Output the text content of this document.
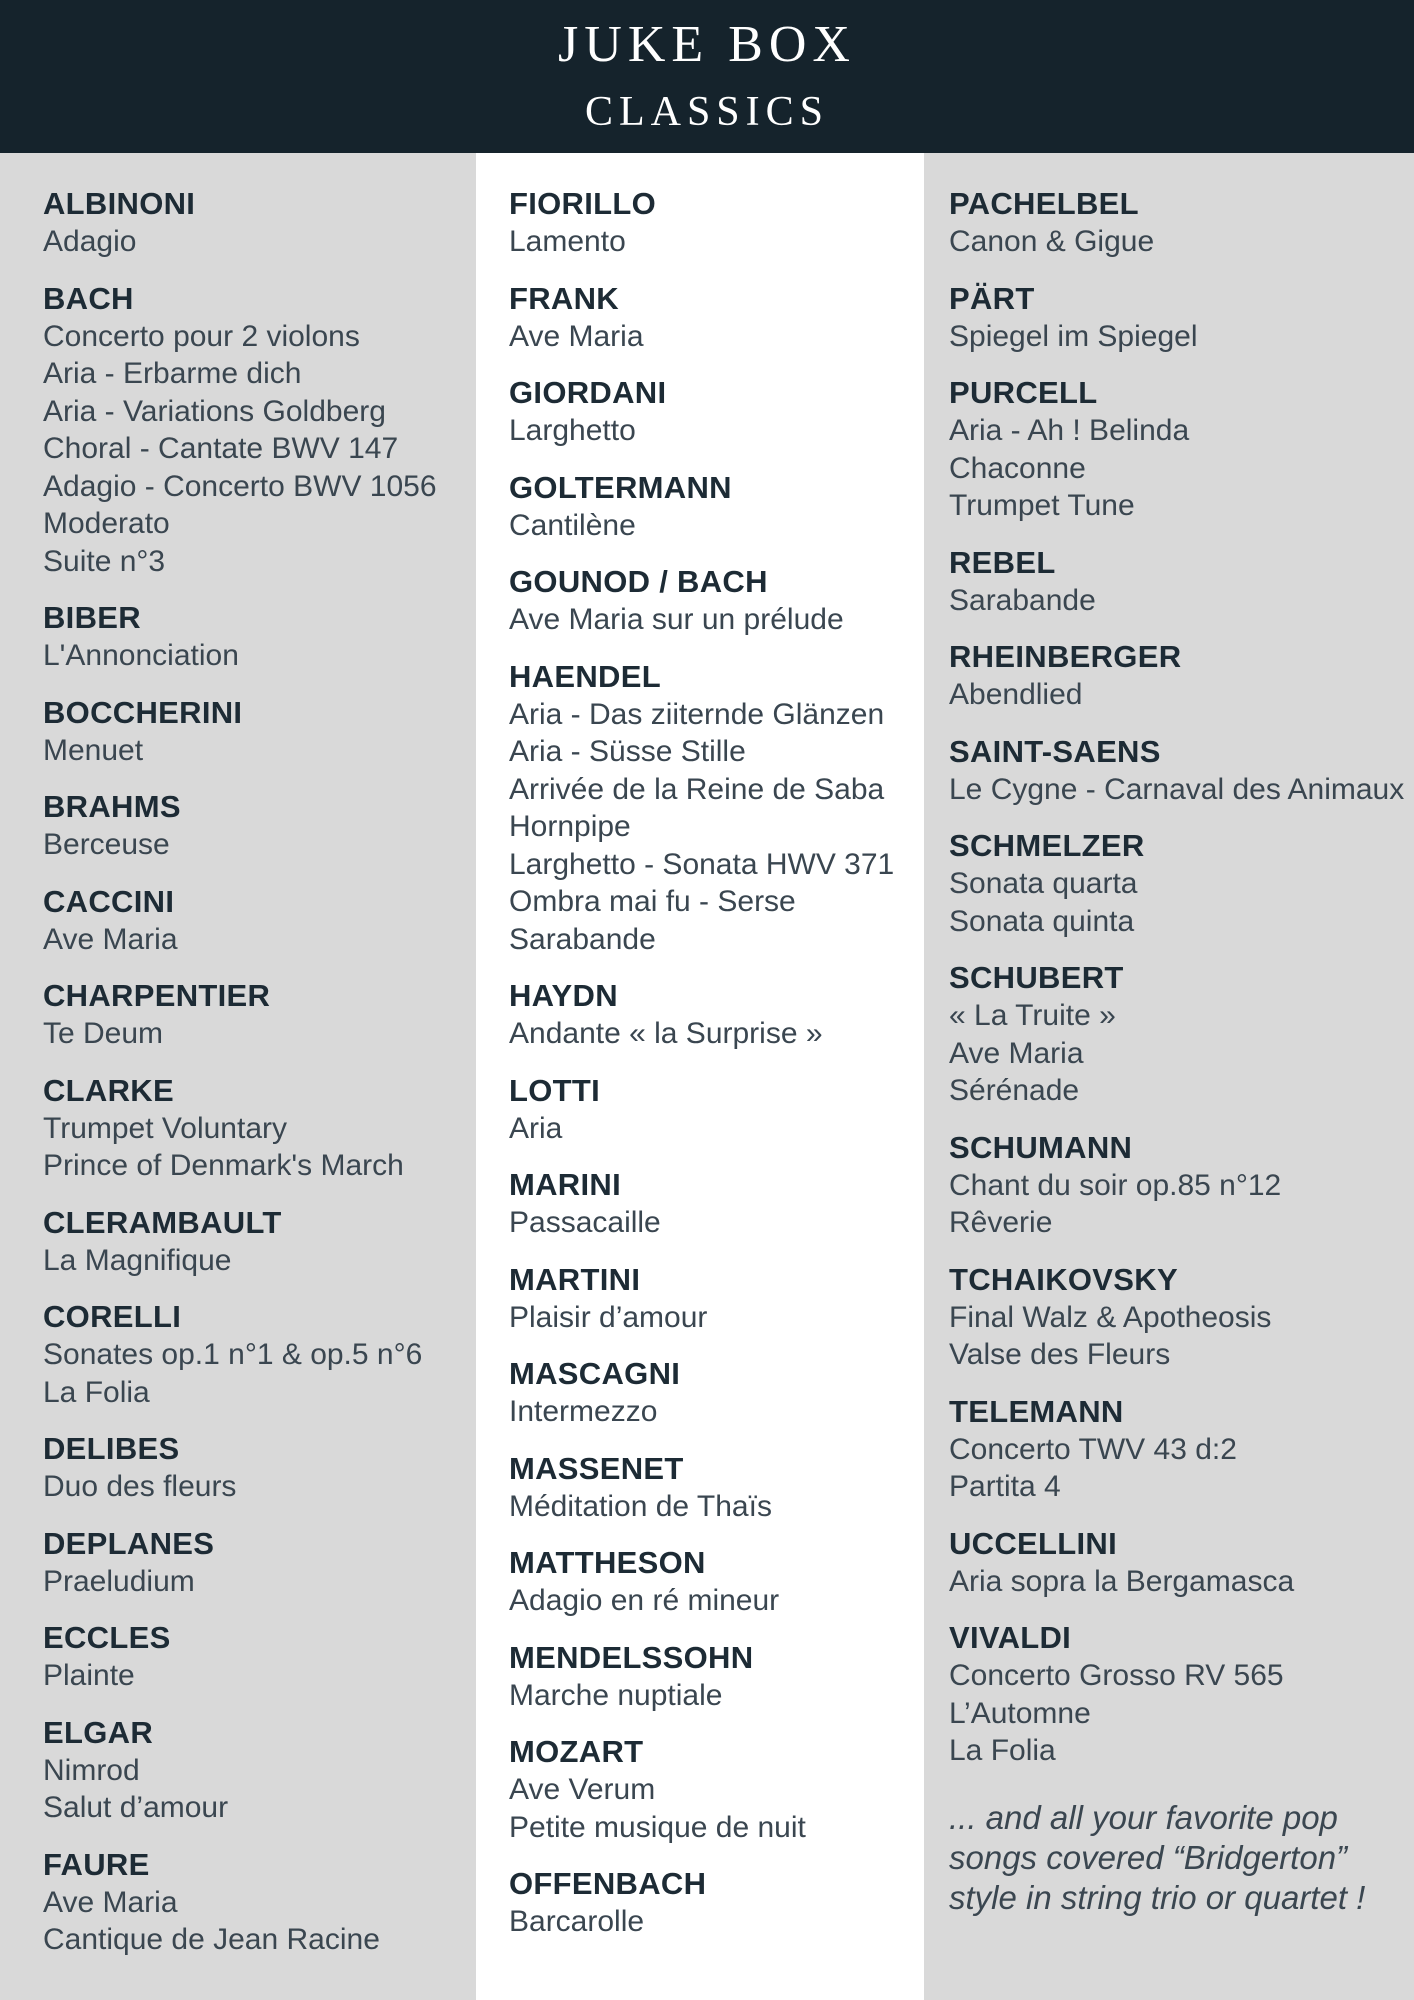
JUKE BOX
CLASSICS
ALBINONI
Adagio
BACH
Concerto pour 2 violons
Aria - Erbarme dich
Aria - Variations Goldberg
Choral - Cantate BWV 147
Adagio - Concerto BWV 1056
Moderato
Suite n°3
BIBER
L'Annonciation
BOCCHERINI
Menuet
BRAHMS
Berceuse
CACCINI
Ave Maria
CHARPENTIER
Te Deum
CLARKE
Trumpet Voluntary
Prince of Denmark's March
CLERAMBAULT
La Magnifique
CORELLI
Sonates op.1 n°1 & op.5 n°6
La Folia
DELIBES
Duo des fleurs
DEPLANES
Praeludium
ECCLES
Plainte
ELGAR
Nimrod
Salut d’amour
FAURE
Ave Maria
Cantique de Jean Racine
FIORILLO
Lamento
FRANK
Ave Maria
GIORDANI
Larghetto
GOLTERMANN
Cantilène
GOUNOD / BACH
Ave Maria sur un prélude
HAENDEL
Aria - Das ziiternde Glänzen
Aria - Süsse Stille
Arrivée de la Reine de Saba
Hornpipe
Larghetto - Sonata HWV 371
Ombra mai fu - Serse
Sarabande
HAYDN
Andante « la Surprise »
LOTTI
Aria
MARINI
Passacaille
MARTINI
Plaisir d’amour
MASCAGNI
Intermezzo
MASSENET
Méditation de Thaïs
MATTHESON
Adagio en ré mineur
MENDELSSOHN
Marche nuptiale
MOZART
Ave Verum
Petite musique de nuit
OFFENBACH
Barcarolle
PACHELBEL
Canon & Gigue
PÄRT
Spiegel im Spiegel
PURCELL
Aria - Ah ! Belinda
Chaconne
Trumpet Tune
REBEL
Sarabande
RHEINBERGER
Abendlied
SAINT-SAENS
Le Cygne - Carnaval des Animaux
SCHMELZER
Sonata quarta
Sonata quinta
SCHUBERT
« La Truite »
Ave Maria
Sérénade
SCHUMANN
Chant du soir op.85 n°12
Rêverie
TCHAIKOVSKY
Final Walz & Apotheosis
Valse des Fleurs
TELEMANN
Concerto TWV 43 d:2
Partita 4
UCCELLINI
Aria sopra la Bergamasca
VIVALDI
Concerto Grosso RV 565
L’Automne
La Folia
... and all your favorite pop
songs covered “Bridgerton”
style in string trio or quartet !
